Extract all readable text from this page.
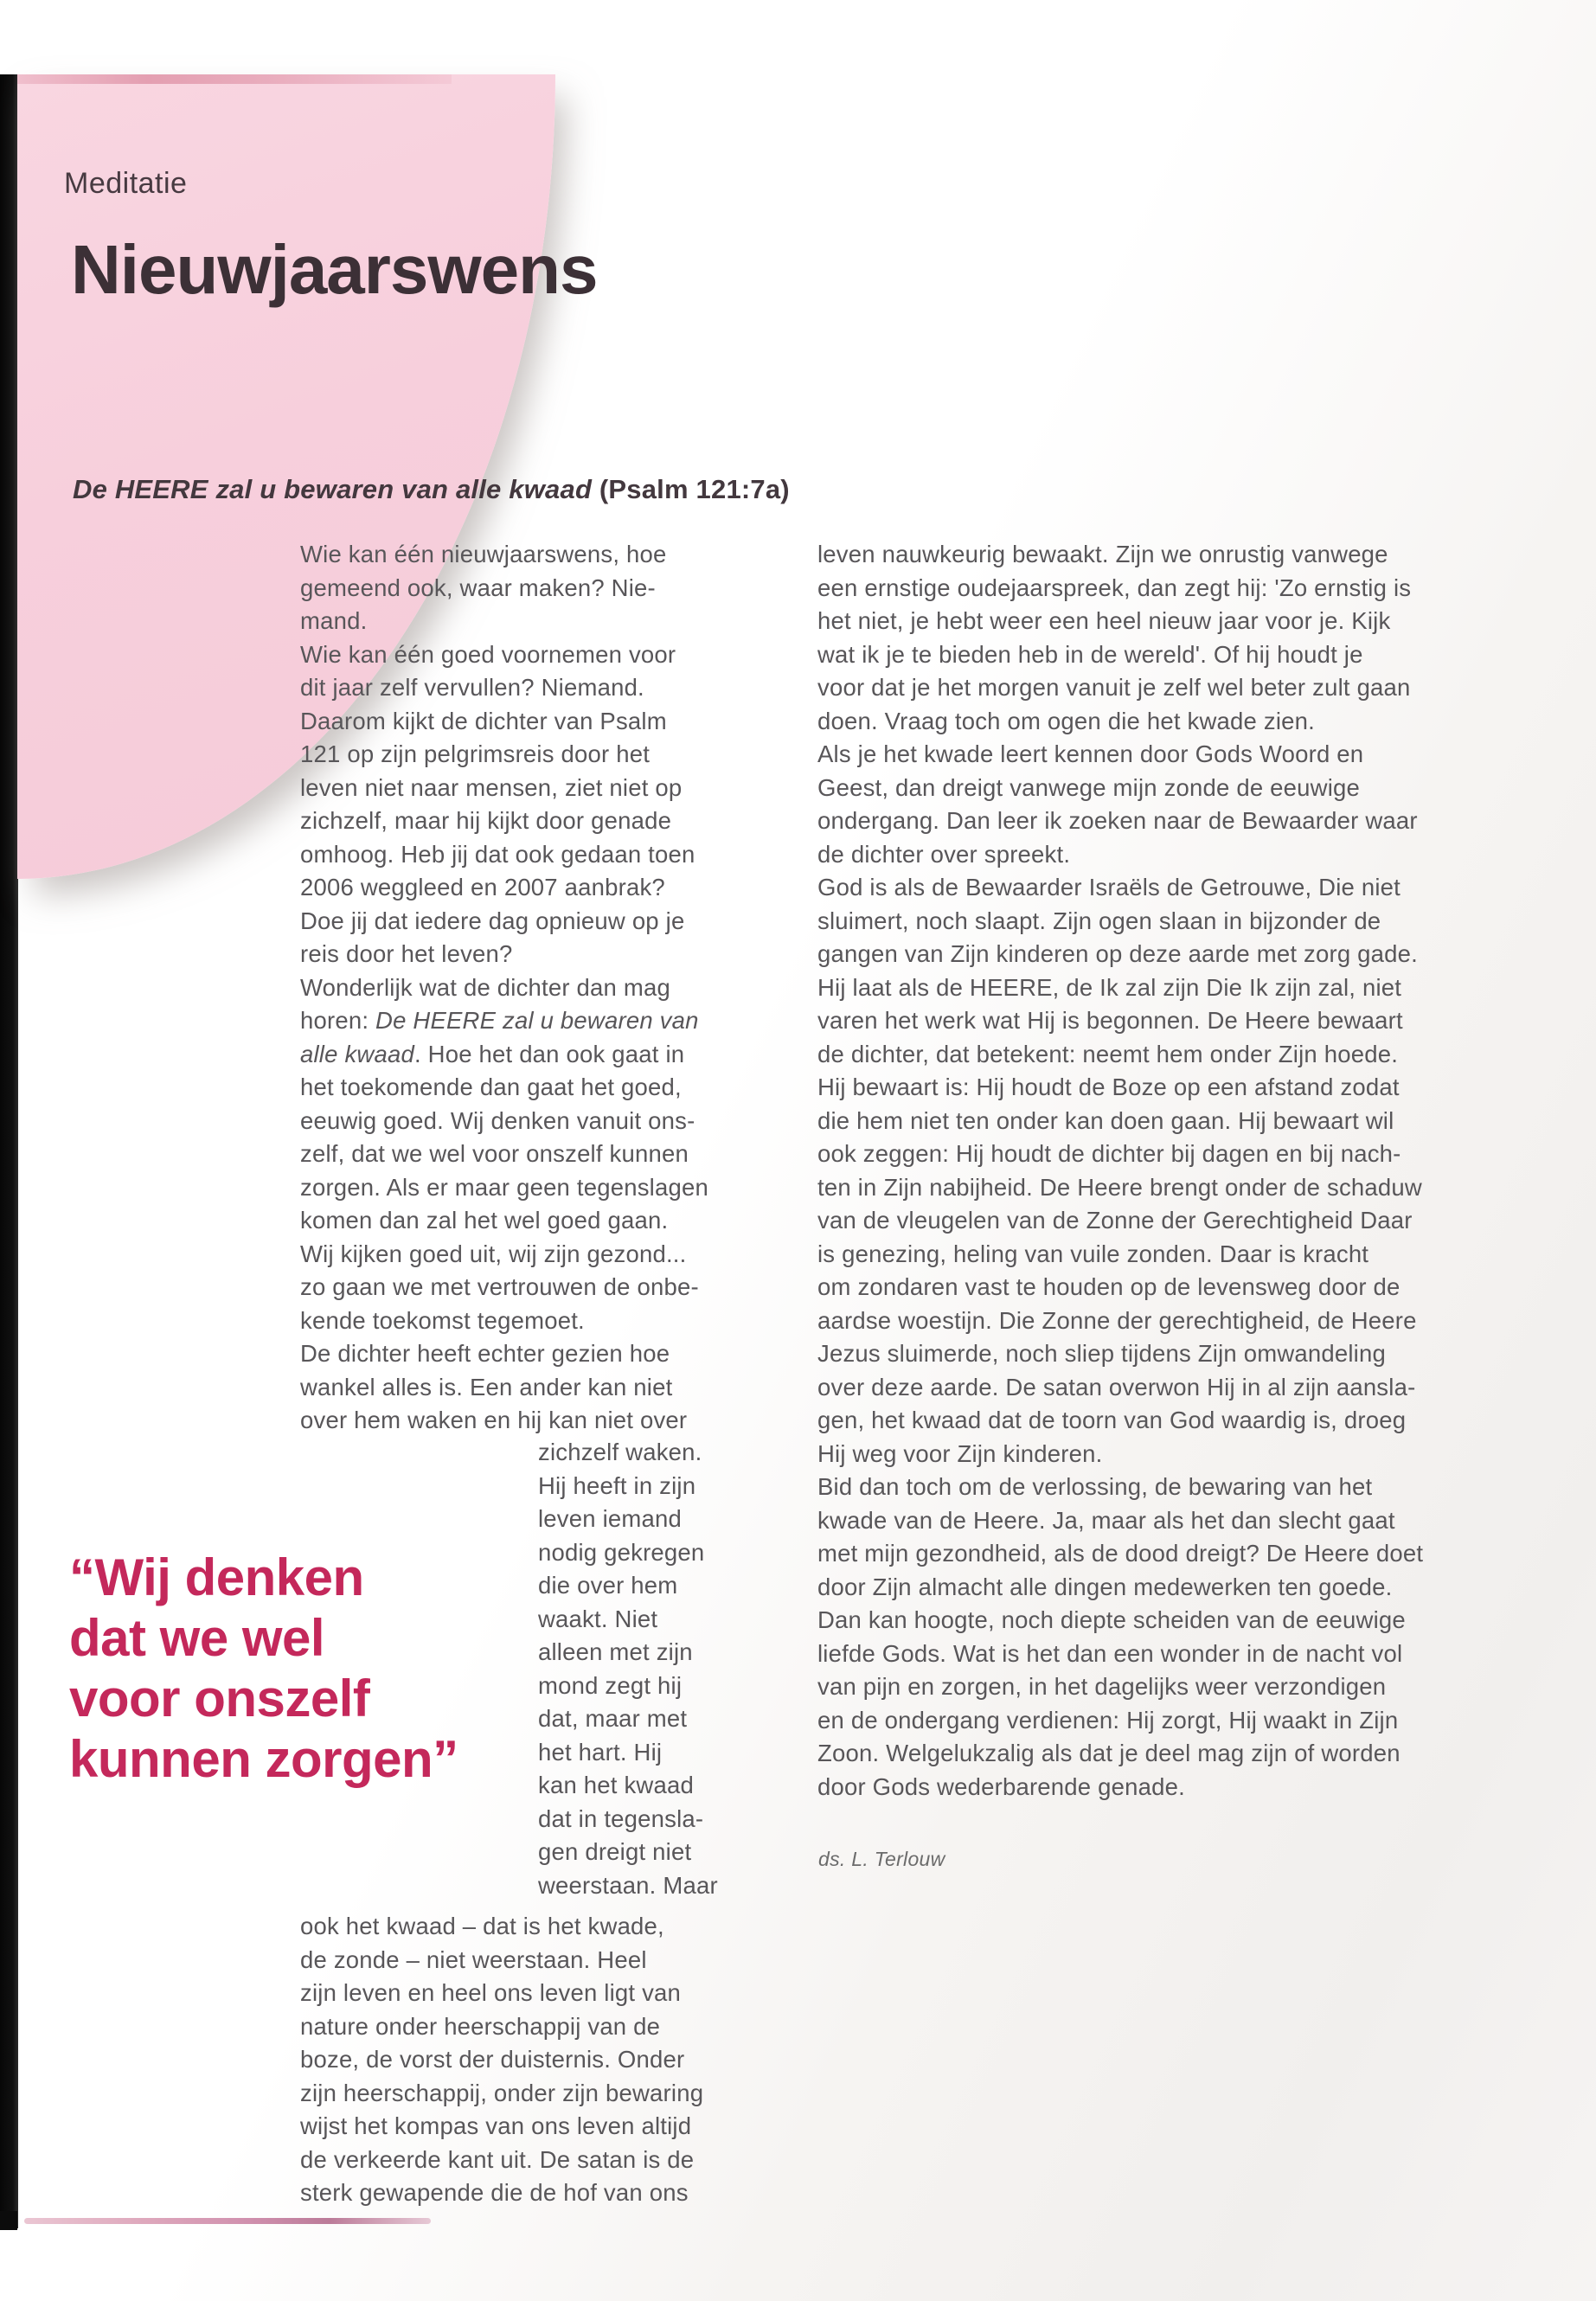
Meditatie
Nieuwjaarswens
De HEERE zal u bewaren van alle kwaad (Psalm 121:7a)
Wie kan één nieuwjaarswens, hoe
gemeend ook, waar maken? Nie-
mand.
Wie kan één goed voornemen voor
dit jaar zelf vervullen? Niemand.
Daarom kijkt de dichter van Psalm
121 op zijn pelgrimsreis door het
leven niet naar mensen, ziet niet op
zichzelf, maar hij kijkt door genade
omhoog. Heb jij dat ook gedaan toen
2006 weggleed en 2007 aanbrak?
Doe jij dat iedere dag opnieuw op je
reis door het leven?
Wonderlijk wat de dichter dan mag
horen: De HEERE zal u bewaren van
alle kwaad. Hoe het dan ook gaat in
het toekomende dan gaat het goed,
eeuwig goed. Wij denken vanuit ons-
zelf, dat we wel voor onszelf kunnen
zorgen. Als er maar geen tegenslagen
komen dan zal het wel goed gaan.
Wij kijken goed uit, wij zijn gezond...
zo gaan we met vertrouwen de onbe-
kende toekomst tegemoet.
De dichter heeft echter gezien hoe
wankel alles is. Een ander kan niet
over hem waken en hij kan niet over
zichzelf waken.
Hij heeft in zijn
leven iemand
nodig gekregen
die over hem
waakt. Niet
alleen met zijn
mond zegt hij
dat, maar met
het hart. Hij
kan het kwaad
dat in tegensla-
gen dreigt niet
weerstaan. Maar
ook het kwaad – dat is het kwade,
de zonde – niet weerstaan. Heel
zijn leven en heel ons leven ligt van
nature onder heerschappij van de
boze, de vorst der duisternis. Onder
zijn heerschappij, onder zijn bewaring
wijst het kompas van ons leven altijd
de verkeerde kant uit. De satan is de
sterk gewapende die de hof van ons
“Wij denken
dat we wel
voor onszelf
kunnen zorgen”
leven nauwkeurig bewaakt. Zijn we onrustig vanwege
een ernstige oudejaarspreek, dan zegt hij: 'Zo ernstig is
het niet, je hebt weer een heel nieuw jaar voor je. Kijk
wat ik je te bieden heb in de wereld'. Of hij houdt je
voor dat je het morgen vanuit je zelf wel beter zult gaan
doen. Vraag toch om ogen die het kwade zien.
Als je het kwade leert kennen door Gods Woord en
Geest, dan dreigt vanwege mijn zonde de eeuwige
ondergang. Dan leer ik zoeken naar de Bewaarder waar
de dichter over spreekt.
God is als de Bewaarder Israëls de Getrouwe, Die niet
sluimert, noch slaapt. Zijn ogen slaan in bijzonder de
gangen van Zijn kinderen op deze aarde met zorg gade.
Hij laat als de HEERE, de Ik zal zijn Die Ik zijn zal, niet
varen het werk wat Hij is begonnen. De Heere bewaart
de dichter, dat betekent: neemt hem onder Zijn hoede.
Hij bewaart is: Hij houdt de Boze op een afstand zodat
die hem niet ten onder kan doen gaan. Hij bewaart wil
ook zeggen: Hij houdt de dichter bij dagen en bij nach-
ten in Zijn nabijheid. De Heere brengt onder de schaduw
van de vleugelen van de Zonne der Gerechtigheid Daar
is genezing, heling van vuile zonden. Daar is kracht
om zondaren vast te houden op de levensweg door de
aardse woestijn. Die Zonne der gerechtigheid, de Heere
Jezus sluimerde, noch sliep tijdens Zijn omwandeling
over deze aarde. De satan overwon Hij in al zijn aansla-
gen, het kwaad dat de toorn van God waardig is, droeg
Hij weg voor Zijn kinderen.
Bid dan toch om de verlossing, de bewaring van het
kwade van de Heere. Ja, maar als het dan slecht gaat
met mijn gezondheid, als de dood dreigt? De Heere doet
door Zijn almacht alle dingen medewerken ten goede.
Dan kan hoogte, noch diepte scheiden van de eeuwige
liefde Gods. Wat is het dan een wonder in de nacht vol
van pijn en zorgen, in het dagelijks weer verzondigen
en de ondergang verdienen: Hij zorgt, Hij waakt in Zijn
Zoon. Welgelukzalig als dat je deel mag zijn of worden
door Gods wederbarende genade.
ds. L. Terlouw
